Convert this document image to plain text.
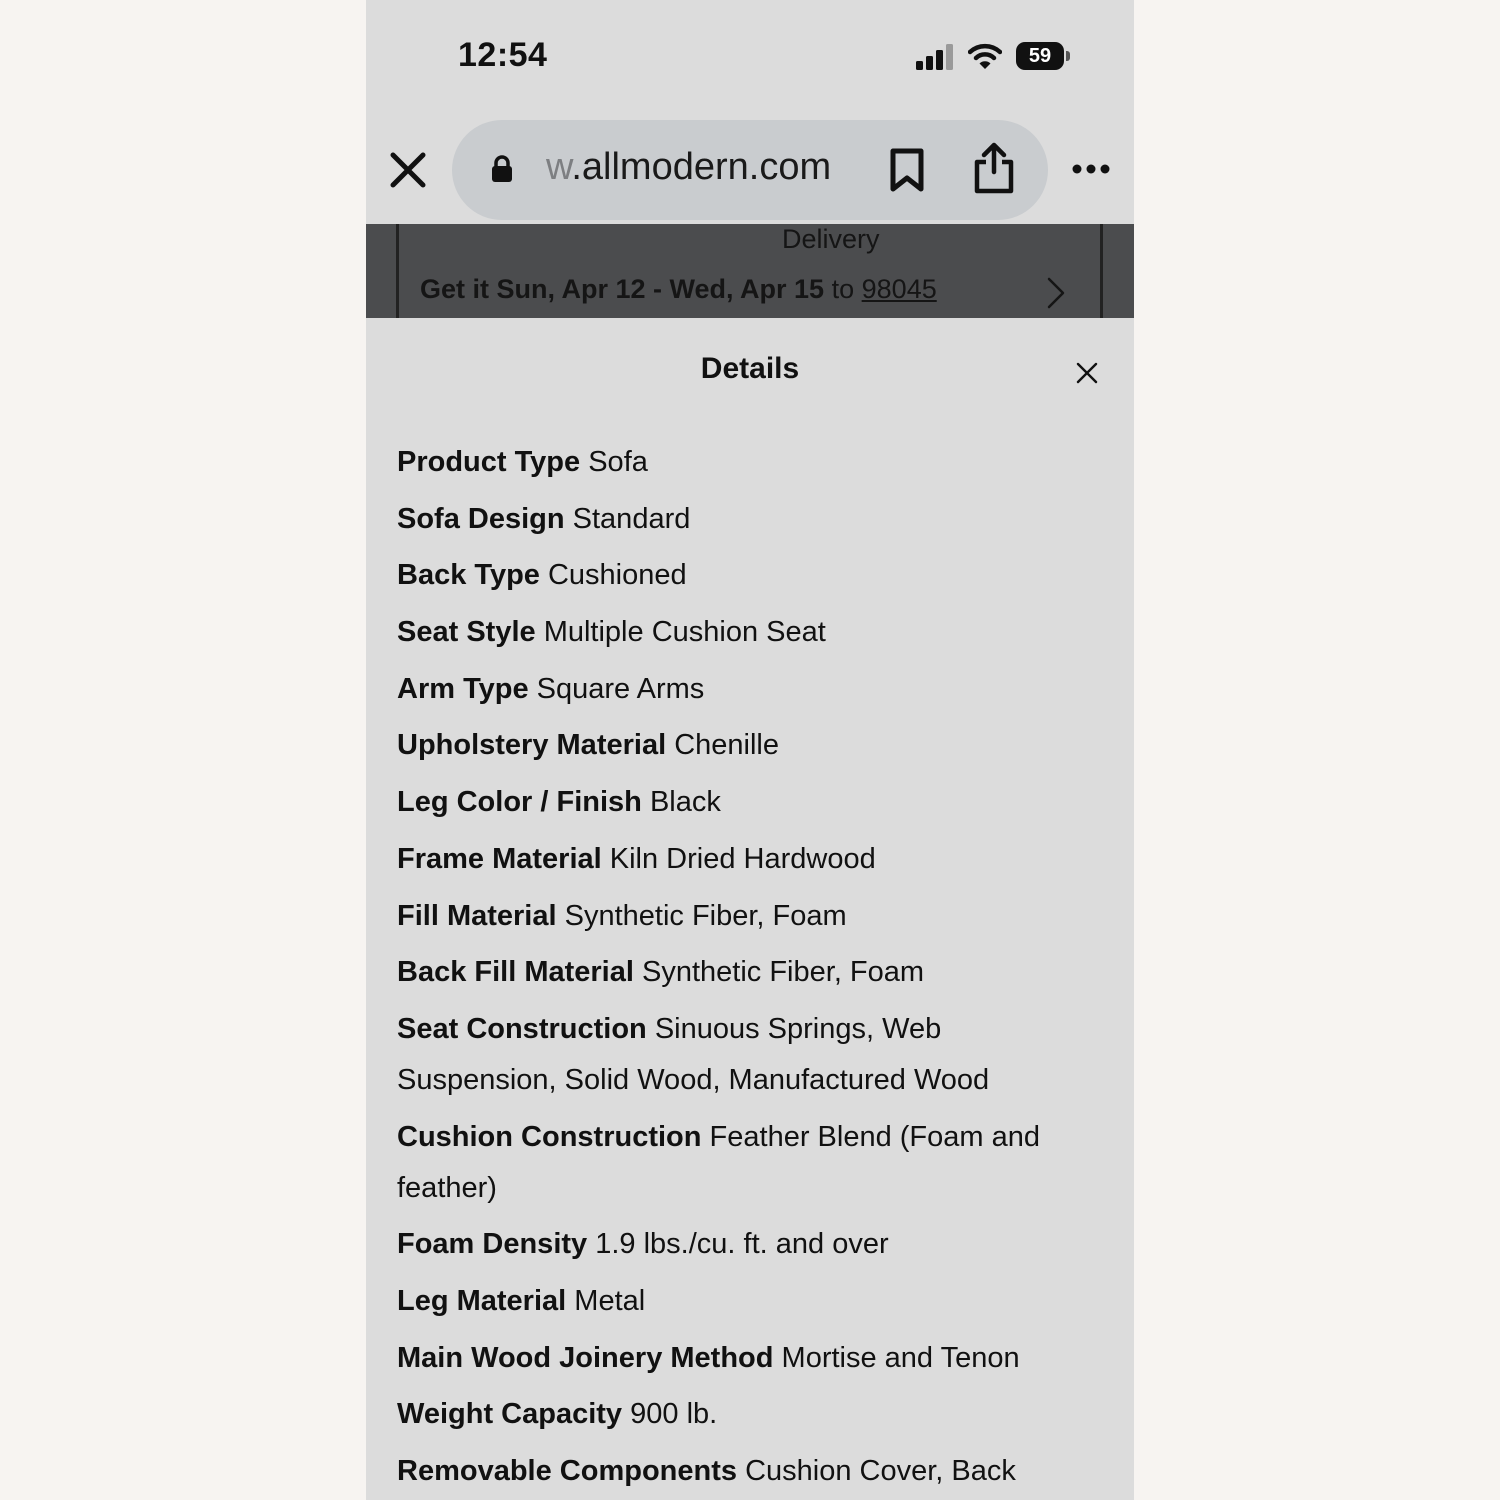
12:54	59
w.allmodern.com
Delivery
Get it Sun, Apr 12 - Wed, Apr 15 to 98045
Details
Product Type Sofa
Sofa Design Standard
Back Type Cushioned
Seat Style Multiple Cushion Seat
Arm Type Square Arms
Upholstery Material Chenille
Leg Color / Finish Black
Frame Material Kiln Dried Hardwood
Fill Material Synthetic Fiber, Foam
Back Fill Material Synthetic Fiber, Foam
Seat Construction Sinuous Springs, Web Suspension, Solid Wood, Manufactured Wood
Cushion Construction Feather Blend (Foam and feather)
Foam Density 1.9 lbs./cu. ft. and over
Leg Material Metal
Main Wood Joinery Method Mortise and Tenon
Weight Capacity 900 lb.
Removable Components Cushion Cover, Back
